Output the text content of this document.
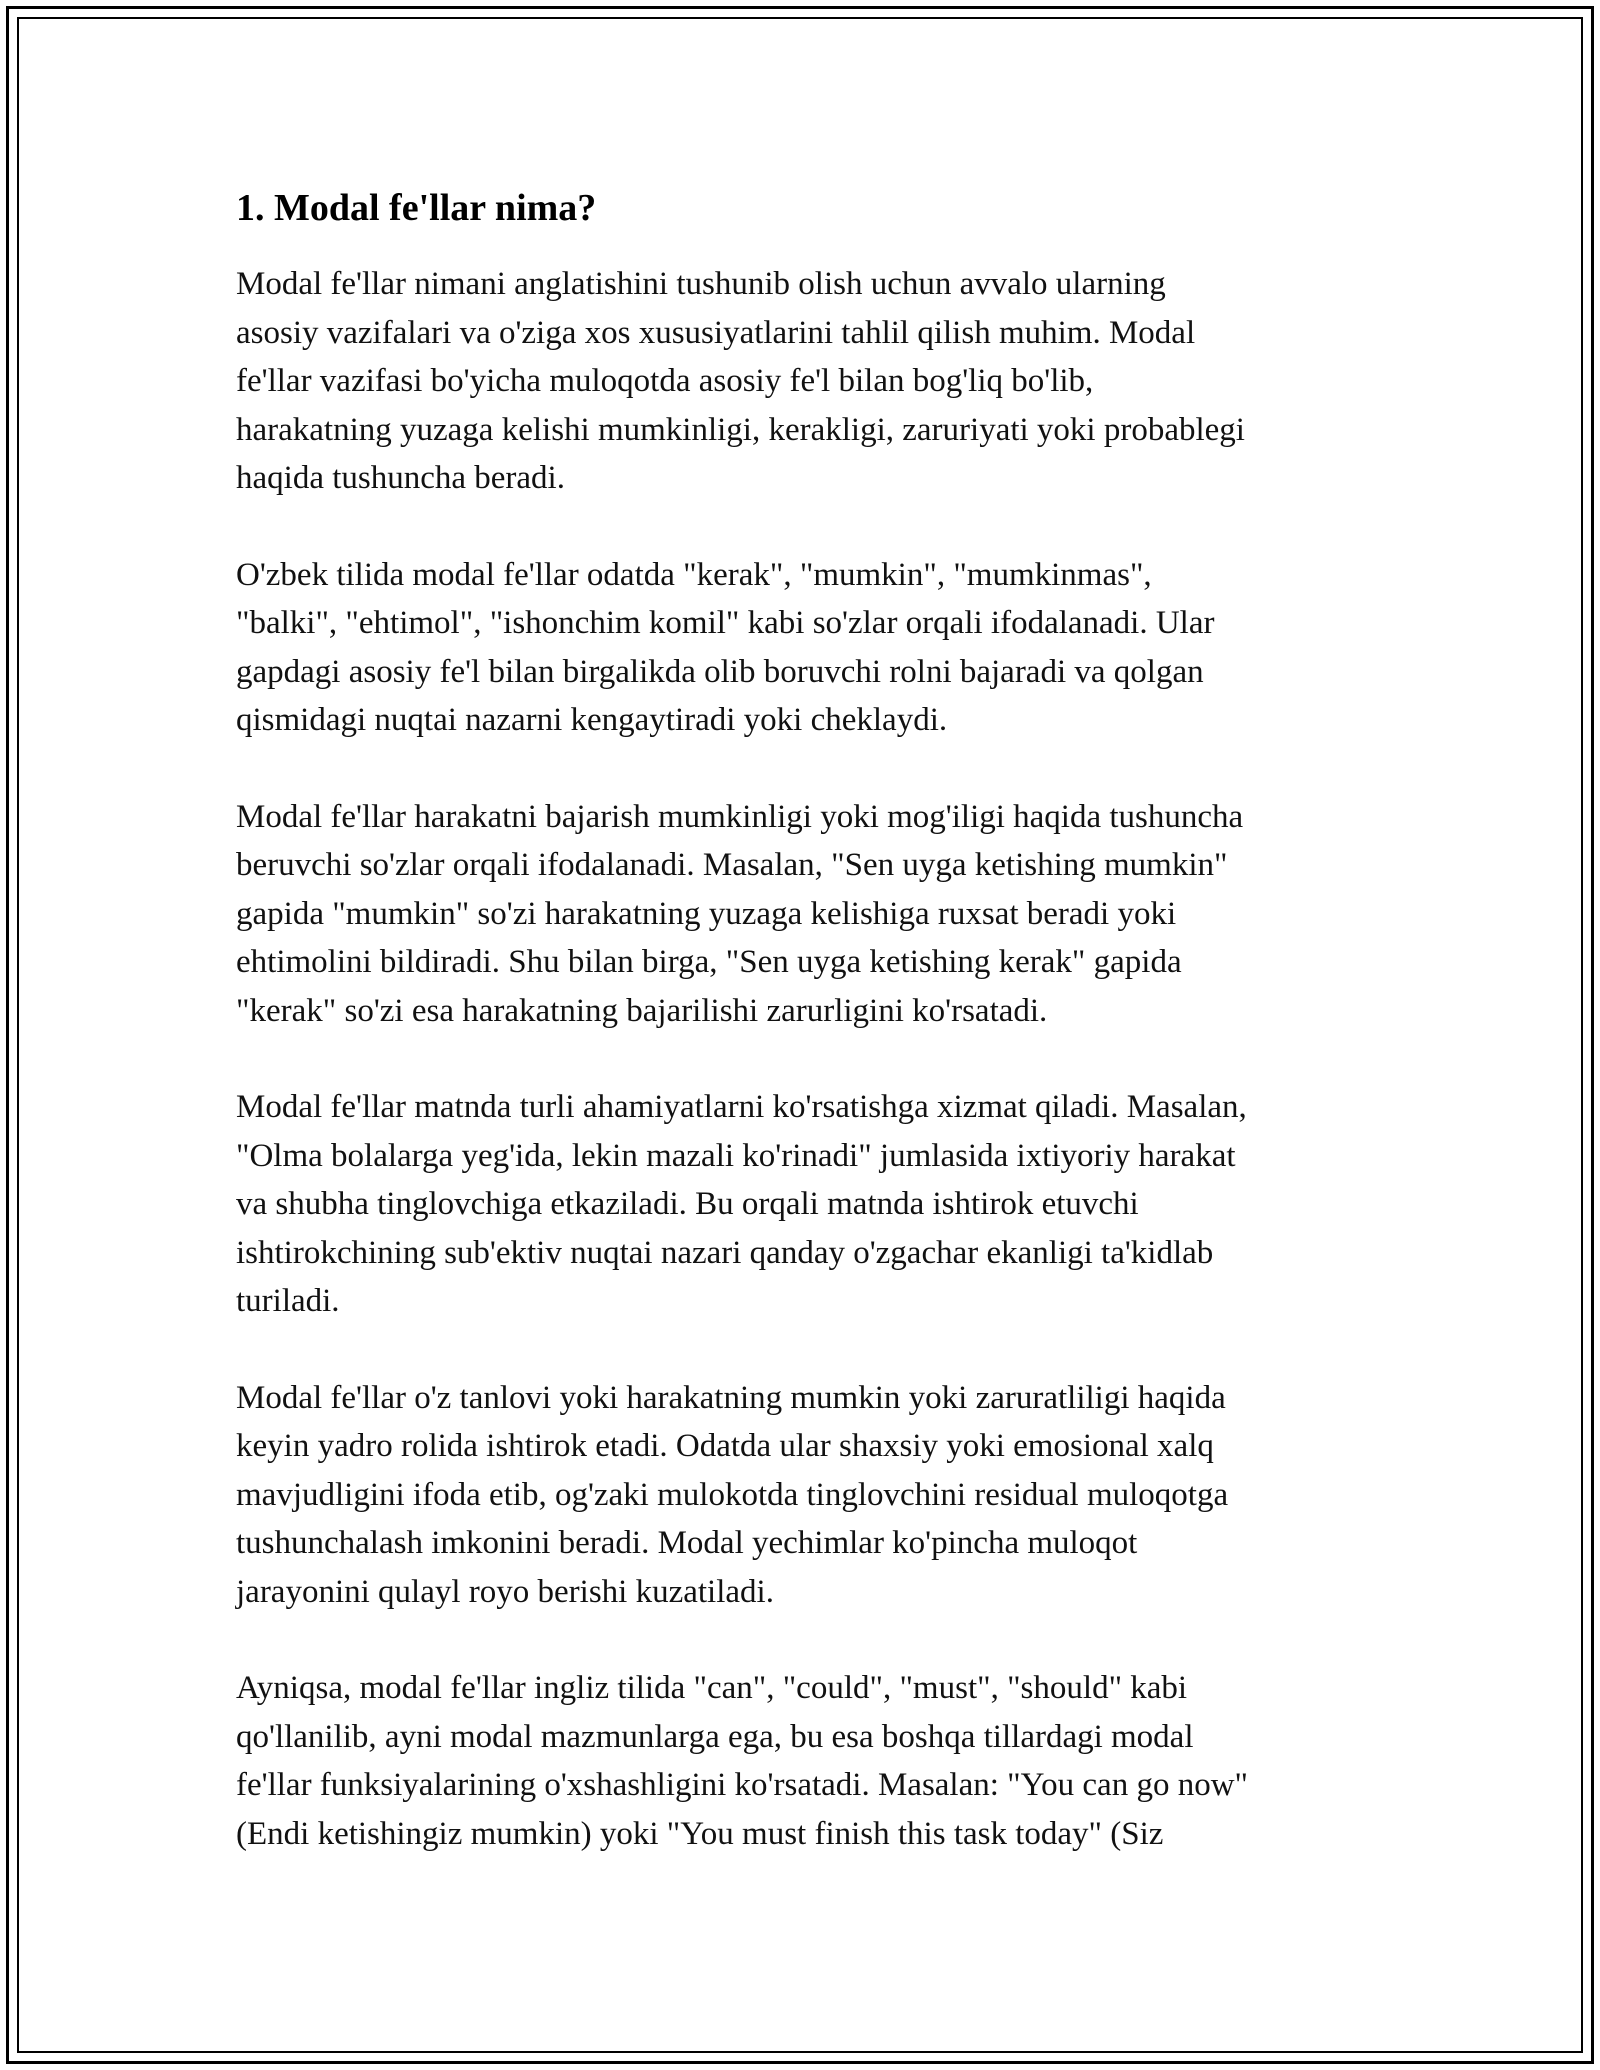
1. Modal fe'llar nima?

Modal fe'llar nimani anglatishini tushunib olish uchun avvalo ularning
asosiy vazifalari va o'ziga xos xususiyatlarini tahlil qilish muhim. Modal
fe'llar vazifasi bo'yicha muloqotda asosiy fe'l bilan bog'liq bo'lib,
harakatning yuzaga kelishi mumkinligi, kerakligi, zaruriyati yoki probablegi
haqida tushuncha beradi.

O'zbek tilida modal fe'llar odatda "kerak", "mumkin", "mumkinmas",
"balki", "ehtimol", "ishonchim komil" kabi so'zlar orqali ifodalanadi. Ular
gapdagi asosiy fe'l bilan birgalikda olib boruvchi rolni bajaradi va qolgan
qismidagi nuqtai nazarni kengaytiradi yoki cheklaydi.

Modal fe'llar harakatni bajarish mumkinligi yoki mog'iligi haqida tushuncha
beruvchi so'zlar orqali ifodalanadi. Masalan, "Sen uyga ketishing mumkin"
gapida "mumkin" so'zi harakatning yuzaga kelishiga ruxsat beradi yoki
ehtimolini bildiradi. Shu bilan birga, "Sen uyga ketishing kerak" gapida
"kerak" so'zi esa harakatning bajarilishi zarurligini ko'rsatadi.

Modal fe'llar matnda turli ahamiyatlarni ko'rsatishga xizmat qiladi. Masalan,
"Olma bolalarga yeg'ida, lekin mazali ko'rinadi" jumlasida ixtiyoriy harakat
va shubha tinglovchiga etkaziladi. Bu orqali matnda ishtirok etuvchi
ishtirokchining sub'ektiv nuqtai nazari qanday o'zgachar ekanligi ta'kidlab
turiladi.

Modal fe'llar o'z tanlovi yoki harakatning mumkin yoki zaruratliligi haqida
keyin yadro rolida ishtirok etadi. Odatda ular shaxsiy yoki emosional xalq
mavjudligini ifoda etib, og'zaki mulokotda tinglovchini residual muloqotga
tushunchalash imkonini beradi. Modal yechimlar ko'pincha muloqot
jarayonini qulayl royo berishi kuzatiladi.

Ayniqsa, modal fe'llar ingliz tilida "can", "could", "must", "should" kabi
qo'llanilib, ayni modal mazmunlarga ega, bu esa boshqa tillardagi modal
fe'llar funksiyalarining o'xshashligini ko'rsatadi. Masalan: "You can go now"
(Endi ketishingiz mumkin) yoki "You must finish this task today" (Siz
